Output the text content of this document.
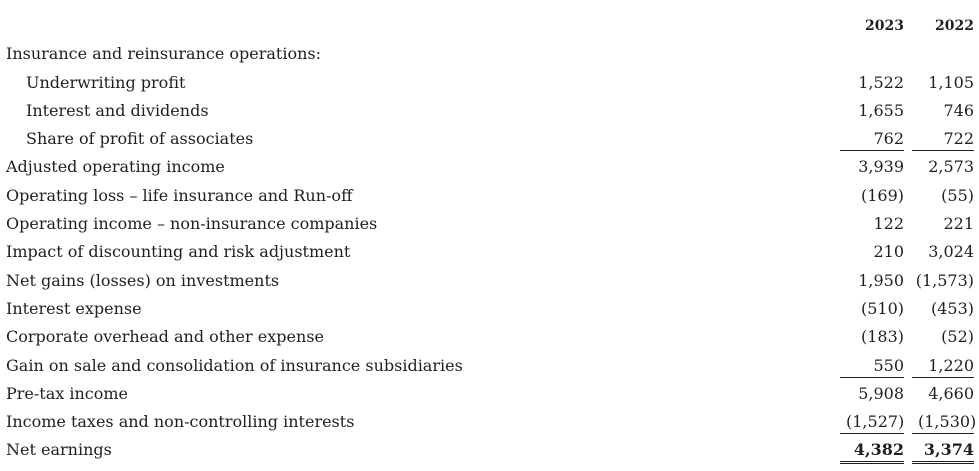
	2023		2022
Insurance and reinsurance operations:			
Underwriting profit	1,522		1,105
Interest and dividends	1,655		746
Share of profit of associates	762		722
Adjusted operating income	3,939		2,573
Operating loss – life insurance and Run-off	(169)		(55)
Operating income – non-insurance companies	122		221
Impact of discounting and risk adjustment	210		3,024
Net gains (losses) on investments	1,950		(1,573)
Interest expense	(510)		(453)
Corporate overhead and other expense	(183)		(52)
Gain on sale and consolidation of insurance subsidiaries	550		1,220
Pre-tax income	5,908		4,660
Income taxes and non-controlling interests	(1,527)		(1,530)
Net earnings	4,382		3,374
